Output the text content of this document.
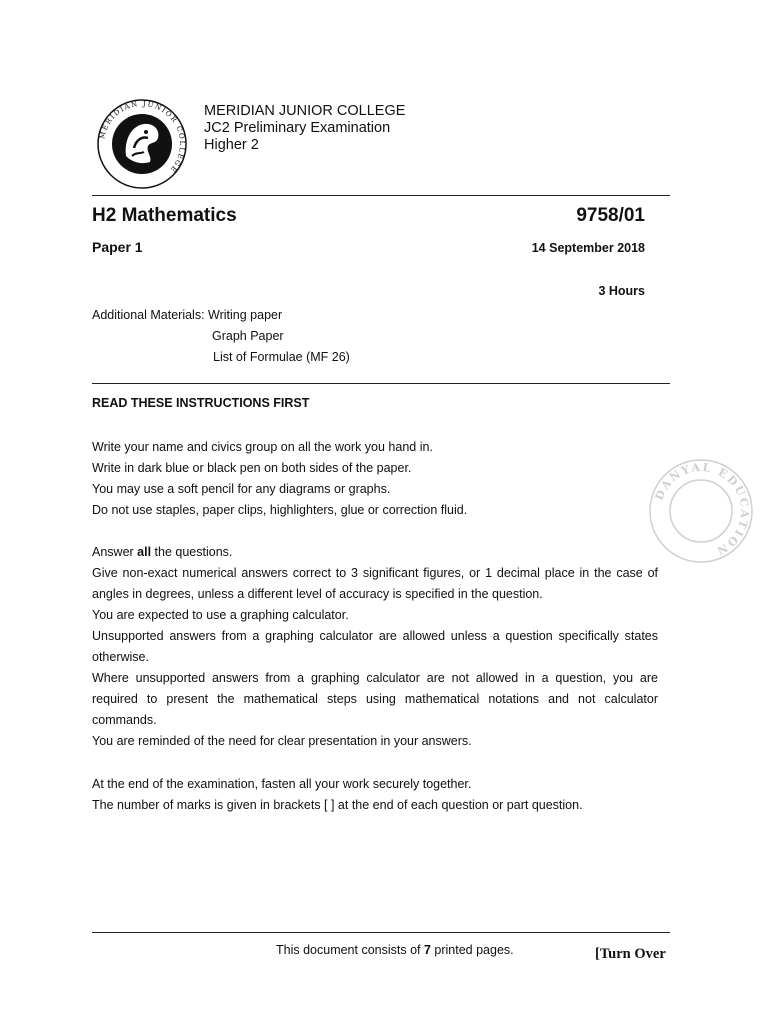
MERIDIAN JUNIOR COLLEGE
MERIDIAN JUNIOR COLLEGE
JC2 Preliminary Examination
Higher 2
H2 Mathematics	9758/01
Paper 1	14 September 2018
3 Hours
Additional Materials: Writing paper
Graph Paper
List of Formulae (MF 26)
READ THESE INSTRUCTIONS FIRST
Write your name and civics group on all the work you hand in.
Write in dark blue or black pen on both sides of the paper.
You may use a soft pencil for any diagrams or graphs.
Do not use staples, paper clips, highlighters, glue or correction fluid.
Answer all the questions.
Give non-exact numerical answers correct to 3 significant figures, or 1 decimal place in the case of
angles in degrees, unless a different level of accuracy is specified in the question.
You are expected to use a graphing calculator.
Unsupported answers from a graphing calculator are allowed unless a question specifically states
otherwise.
Where unsupported answers from a graphing calculator are not allowed in a question, you are
required to present the mathematical steps using mathematical notations and not calculator
commands.
You are reminded of the need for clear presentation in your answers.
At the end of the examination, fasten all your work securely together.
The number of marks is given in brackets [ ] at the end of each question or part question.
DANYAL EDUCATION
This document consists of 7 printed pages.	[Turn Over
